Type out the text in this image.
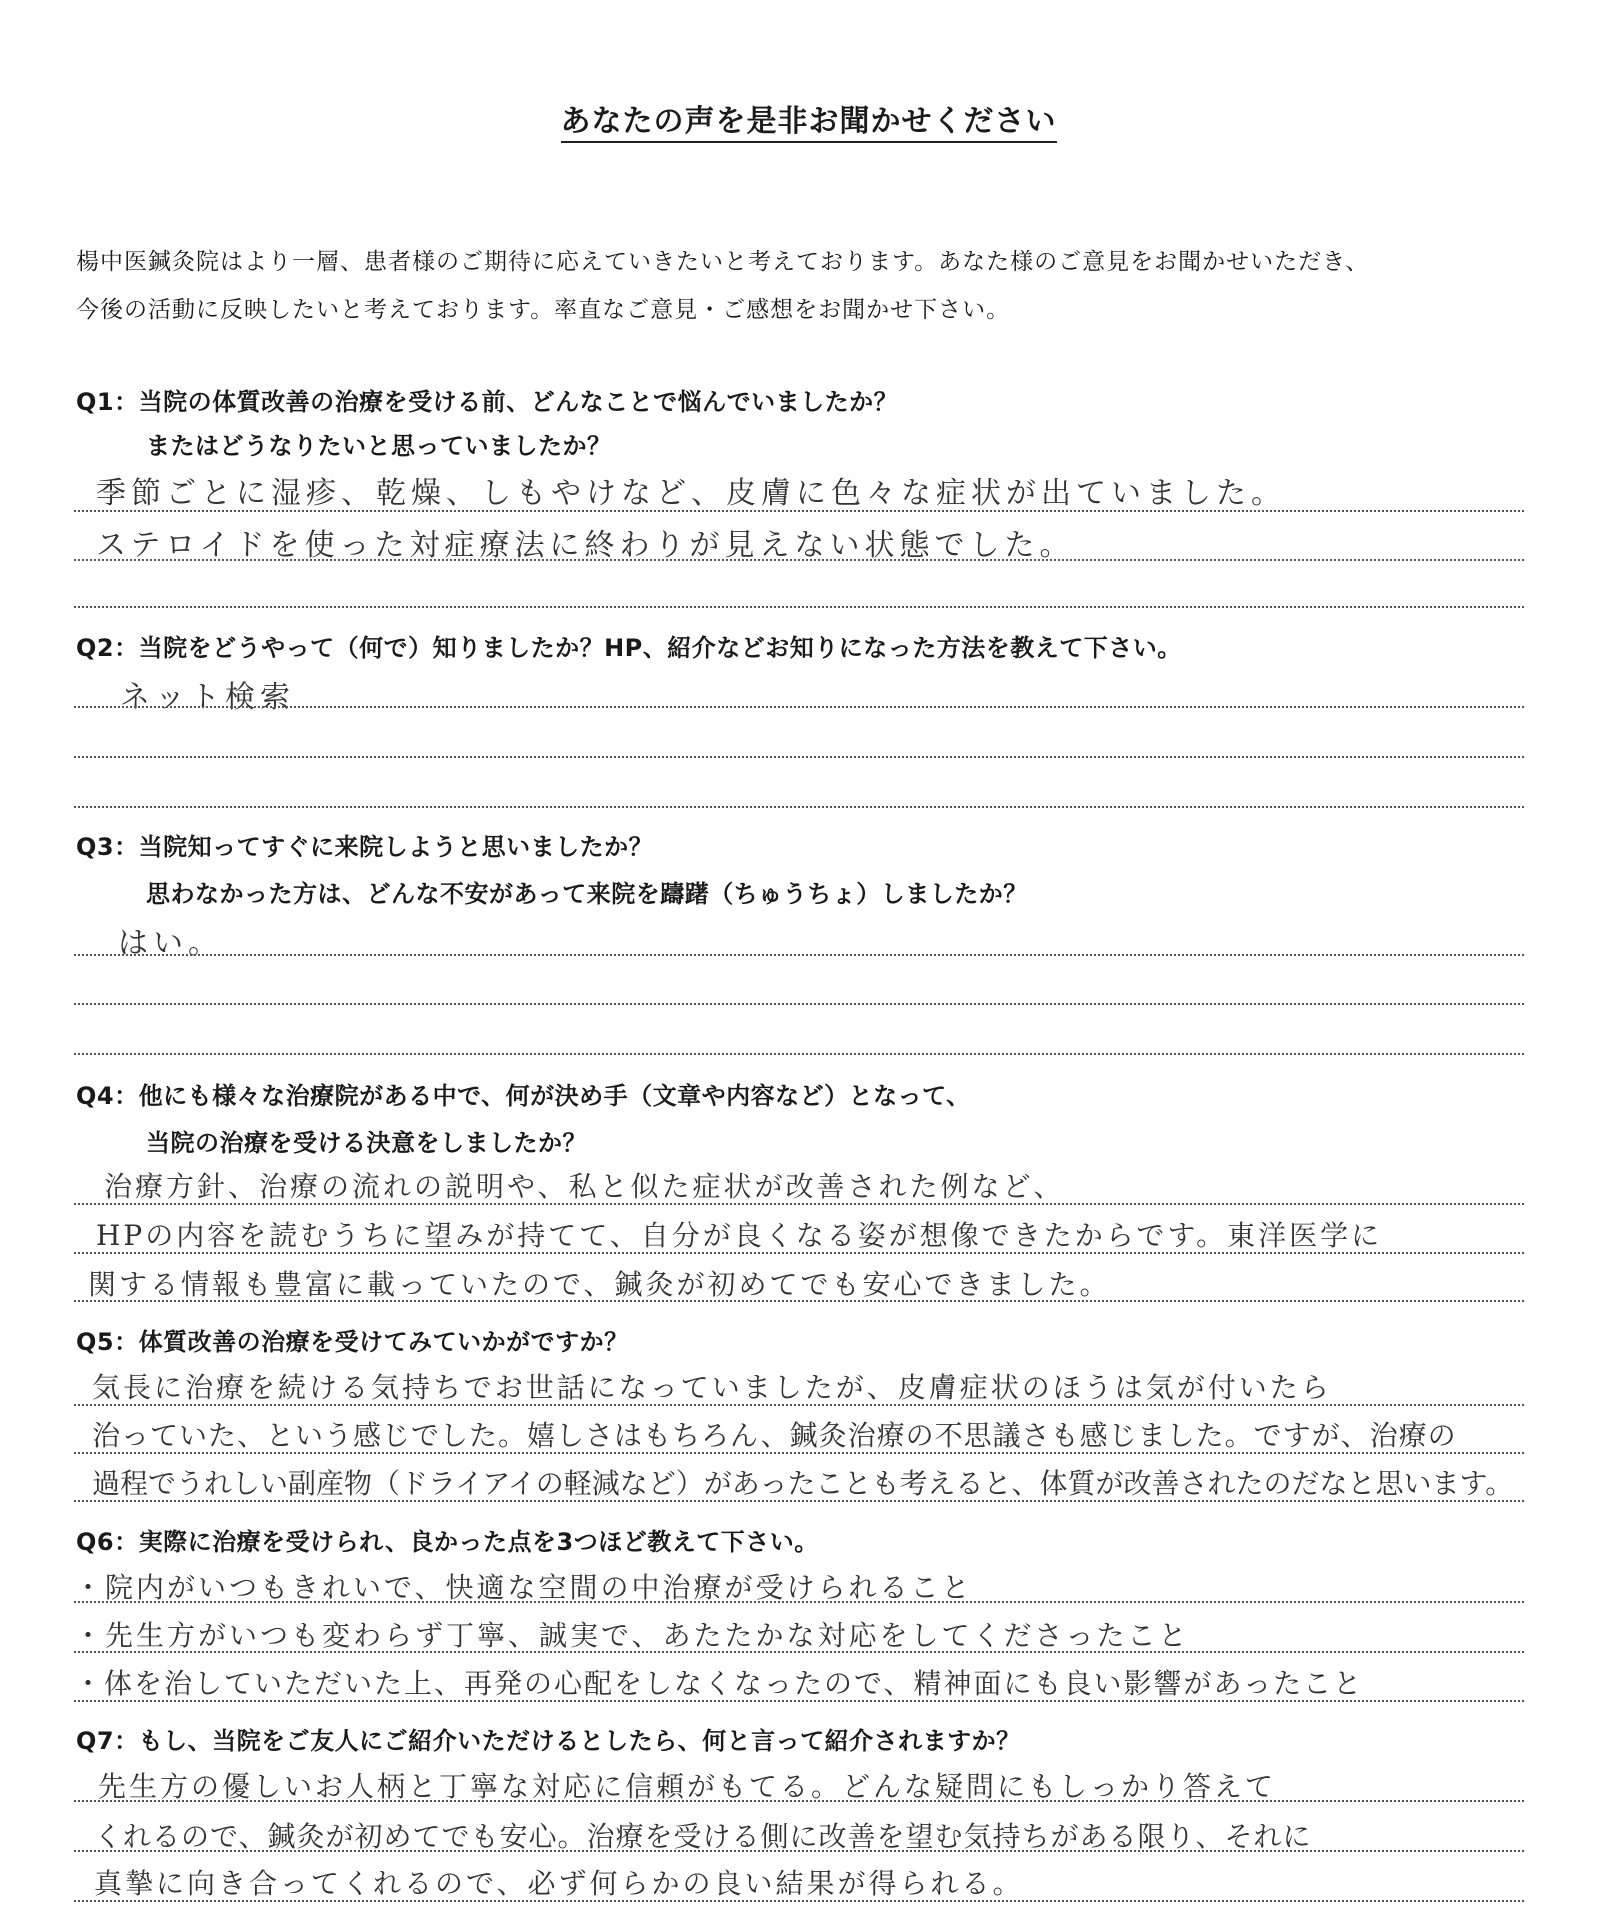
あなたの声を是非お聞かせください
楊中医鍼灸院はより一層、患者様のご期待に応えていきたいと考えております。あなた様のご意見をお聞かせいただき、
今後の活動に反映したいと考えております。率直なご意見・ご感想をお聞かせ下さい。
Q1：当院の体質改善の治療を受ける前、どんなことで悩んでいましたか？
またはどうなりたいと思っていましたか？
季節ごとに湿疹、乾燥、しもやけなど、皮膚に色々な症状が出ていました。
ステロイドを使った対症療法に終わりが見えない状態でした。
Q2：当院をどうやって（何で）知りましたか？HP、紹介などお知りになった方法を教えて下さい。
ネット検索
Q3：当院知ってすぐに来院しようと思いましたか？
思わなかった方は、どんな不安があって来院を躊躇（ちゅうちょ）しましたか？
はい。
Q4：他にも様々な治療院がある中で、何が決め手（文章や内容など）となって、
当院の治療を受ける決意をしましたか？
治療方針、治療の流れの説明や、私と似た症状が改善された例など、
HPの内容を読むうちに望みが持てて、自分が良くなる姿が想像できたからです。東洋医学に
関する情報も豊富に載っていたので、鍼灸が初めてでも安心できました。
Q5：体質改善の治療を受けてみていかがですか？
気長に治療を続ける気持ちでお世話になっていましたが、皮膚症状のほうは気が付いたら
治っていた、という感じでした。嬉しさはもちろん、鍼灸治療の不思議さも感じました。ですが、治療の
過程でうれしい副産物（ドライアイの軽減など）があったことも考えると、体質が改善されたのだなと思います。
Q6：実際に治療を受けられ、良かった点を3つほど教えて下さい。
・院内がいつもきれいで、快適な空間の中治療が受けられること
・先生方がいつも変わらず丁寧、誠実で、あたたかな対応をしてくださったこと
・体を治していただいた上、再発の心配をしなくなったので、精神面にも良い影響があったこと
Q7：もし、当院をご友人にご紹介いただけるとしたら、何と言って紹介されますか？
先生方の優しいお人柄と丁寧な対応に信頼がもてる。どんな疑問にもしっかり答えて
くれるので、鍼灸が初めてでも安心。治療を受ける側に改善を望む気持ちがある限り、それに
真摯に向き合ってくれるので、必ず何らかの良い結果が得られる。
